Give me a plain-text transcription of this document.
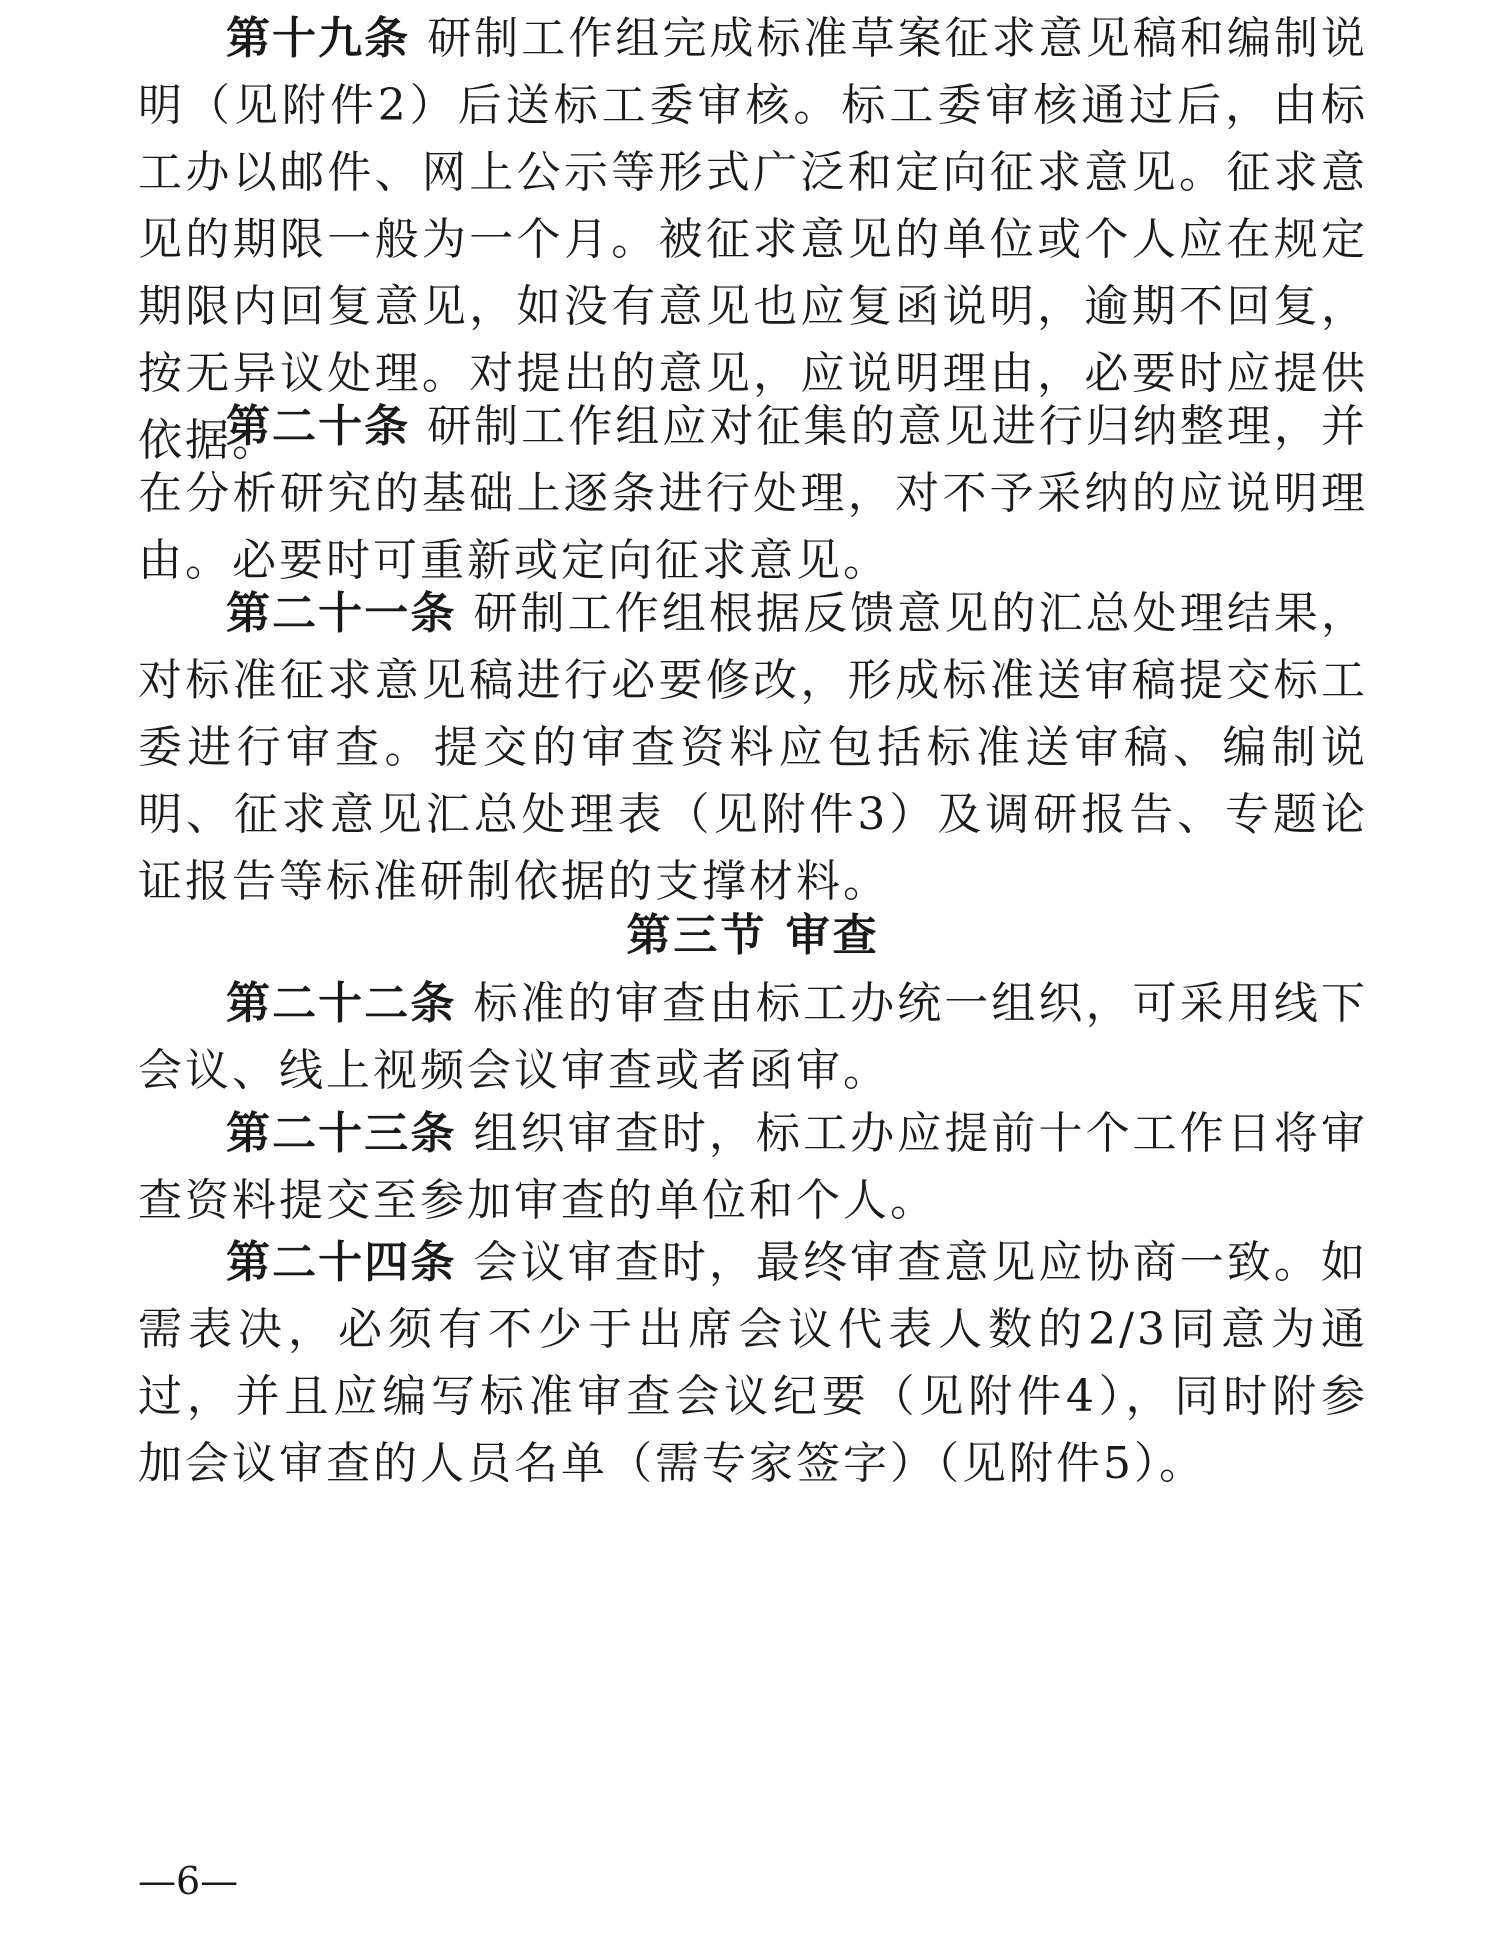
第十九条 研制工作组完成标准草案征求意见稿和编制说明（见附件2）后送标工委审核。标工委审核通过后，由标工办以邮件、网上公示等形式广泛和定向征求意见。征求意见的期限一般为一个月。被征求意见的单位或个人应在规定期限内回复意见，如没有意见也应复函说明，逾期不回复，按无异议处理。对提出的意见，应说明理由，必要时应提供依据。

第二十条 研制工作组应对征集的意见进行归纳整理，并在分析研究的基础上逐条进行处理，对不予采纳的应说明理由。必要时可重新或定向征求意见。

第二十一条 研制工作组根据反馈意见的汇总处理结果，对标准征求意见稿进行必要修改，形成标准送审稿提交标工委进行审查。提交的审查资料应包括标准送审稿、编制说明、征求意见汇总处理表（见附件3）及调研报告、专题论证报告等标准研制依据的支撑材料。

第三节 审查

第二十二条 标准的审查由标工办统一组织，可采用线下会议、线上视频会议审查或者函审。

第二十三条 组织审查时，标工办应提前十个工作日将审查资料提交至参加审查的单位和个人。

第二十四条 会议审查时，最终审查意见应协商一致。如需表决，必须有不少于出席会议代表人数的2/3同意为通过，并且应编写标准审查会议纪要（见附件4），同时附参加会议审查的人员名单（需专家签字）（见附件5）。

—6—
